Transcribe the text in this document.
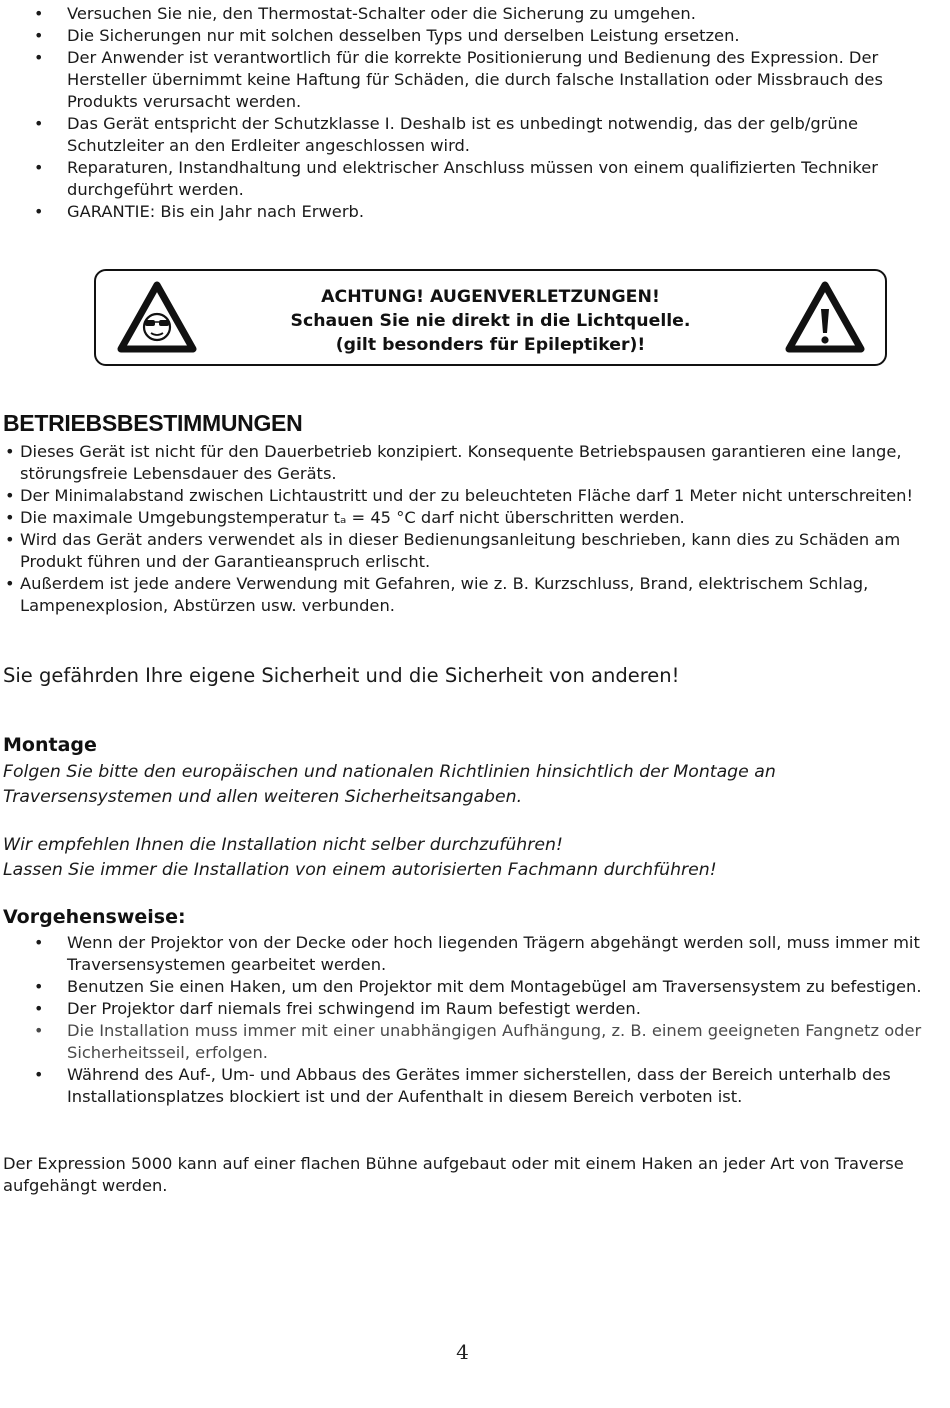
• Versuchen Sie nie, den Thermostat-Schalter oder die Sicherung zu umgehen.
• Die Sicherungen nur mit solchen desselben Typs und derselben Leistung ersetzen.
• Der Anwender ist verantwortlich für die korrekte Positionierung und Bedienung des Expression. Der Hersteller übernimmt keine Haftung für Schäden, die durch falsche Installation oder Missbrauch des Produkts verursacht werden.
• Das Gerät entspricht der Schutzklasse I. Deshalb ist es unbedingt notwendig, das der gelb/grüne Schutzleiter an den Erdleiter angeschlossen wird.
• Reparaturen, Instandhaltung und elektrischer Anschluss müssen von einem qualifizierten Techniker durchgeführt werden.
• GARANTIE: Bis ein Jahr nach Erwerb.
ACHTUNG! AUGENVERLETZUNGEN!
Schauen Sie nie direkt in die Lichtquelle.
(gilt besonders für Epileptiker)!
BETRIEBSBESTIMMUNGEN
• Dieses Gerät ist nicht für den Dauerbetrieb konzipiert. Konsequente Betriebspausen garantieren eine lange, störungsfreie Lebensdauer des Geräts.
• Der Minimalabstand zwischen Lichtaustritt und der zu beleuchteten Fläche darf 1 Meter nicht unterschreiten!
• Die maximale Umgebungstemperatur tₐ = 45 °C darf nicht überschritten werden.
• Wird das Gerät anders verwendet als in dieser Bedienungsanleitung beschrieben, kann dies zu Schäden am Produkt führen und der Garantieanspruch erlischt.
• Außerdem ist jede andere Verwendung mit Gefahren, wie z. B. Kurzschluss, Brand, elektrischem Schlag, Lampenexplosion, Abstürzen usw. verbunden.
Sie gefährden Ihre eigene Sicherheit und die Sicherheit von anderen!
Montage

Folgen Sie bitte den europäischen und nationalen Richtlinien hinsichtlich der Montage an Traversensystemen und allen weiteren Sicherheitsangaben.

Wir empfehlen Ihnen die Installation nicht selber durchzuführen!
Lassen Sie immer die Installation von einem autorisierten Fachmann durchführen!

Vorgehensweise:
• Wenn der Projektor von der Decke oder hoch liegenden Trägern abgehängt werden soll, muss immer mit Traversensystemen gearbeitet werden.
• Benutzen Sie einen Haken, um den Projektor mit dem Montagebügel am Traversensystem zu befestigen.
• Der Projektor darf niemals frei schwingend im Raum befestigt werden.
• Die Installation muss immer mit einer unabhängigen Aufhängung, z. B. einem geeigneten Fangnetz oder Sicherheitsseil, erfolgen.
• Während des Auf-, Um- und Abbaus des Gerätes immer sicherstellen, dass der Bereich unterhalb des Installationsplatzes blockiert ist und der Aufenthalt in diesem Bereich verboten ist.

Der Expression 5000 kann auf einer flachen Bühne aufgebaut oder mit einem Haken an jeder Art von Traverse aufgehängt werden.

4
